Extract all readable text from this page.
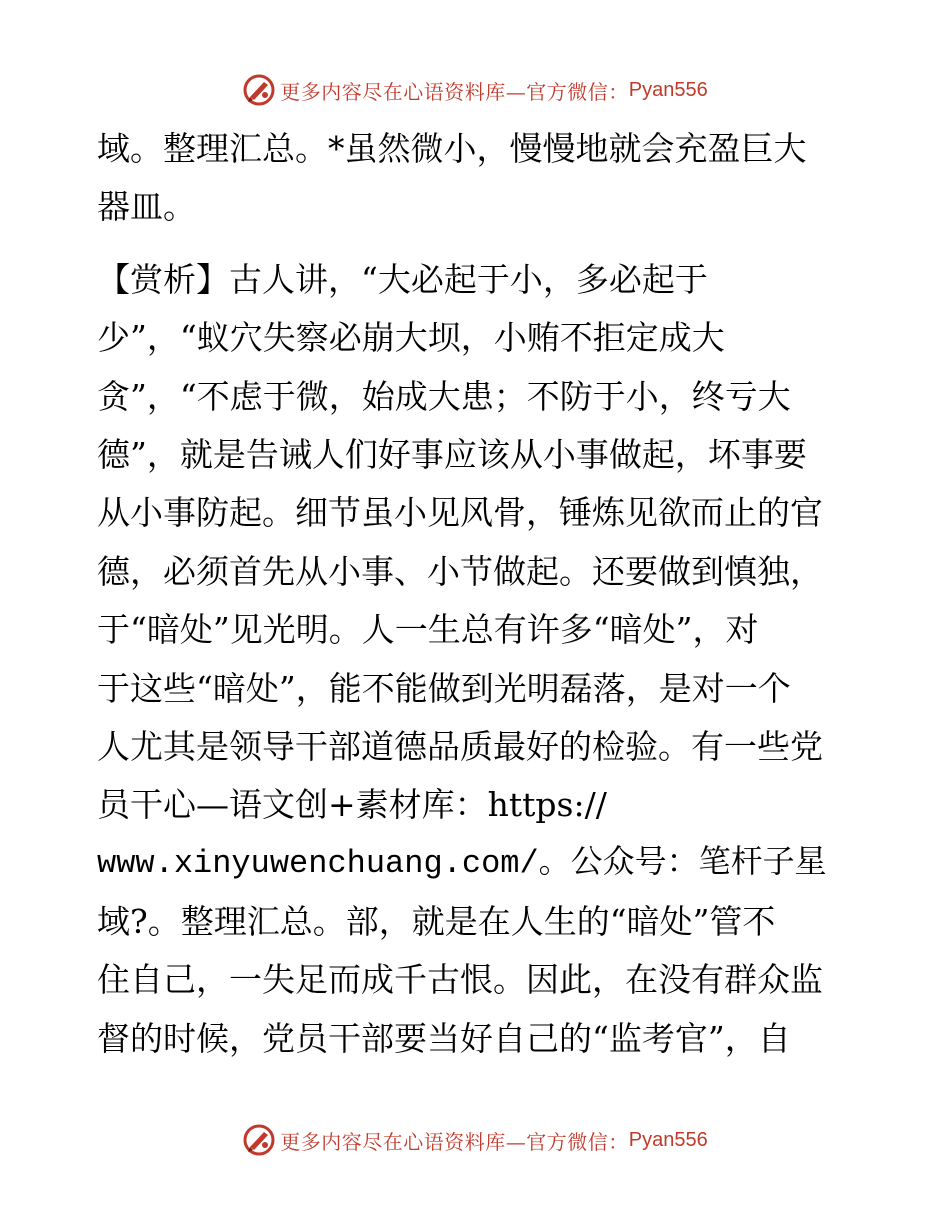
更多内容尽在心语资料库—官方微信： Pyan556
域。整理汇总。*虽然微小，慢慢地就会充盈巨大
器皿。
【赏析】古人讲，“大必起于小，多必起于
少”，“蚁穴失察必崩大坝，小贿不拒定成大
贪”，“不虑于微，始成大患；不防于小，终亏大
德”，就是告诫人们好事应该从小事做起，坏事要
从小事防起。细节虽小见风骨，锤炼见欲而止的官
德，必须首先从小事、小节做起。还要做到慎独，
于“暗处”见光明。人一生总有许多“暗处”，对
于这些“暗处”，能不能做到光明磊落，是对一个
人尤其是领导干部道德品质最好的检验。有一些党
员干心—语文创+素材库：https://
www.xinyuwenchuang.com/。公众号：笔杆子星
域?。整理汇总。部，就是在人生的“暗处”管不
住自己，一失足而成千古恨。因此，在没有群众监
督的时候，党员干部要当好自己的“监考官”，自
更多内容尽在心语资料库—官方微信： Pyan556
